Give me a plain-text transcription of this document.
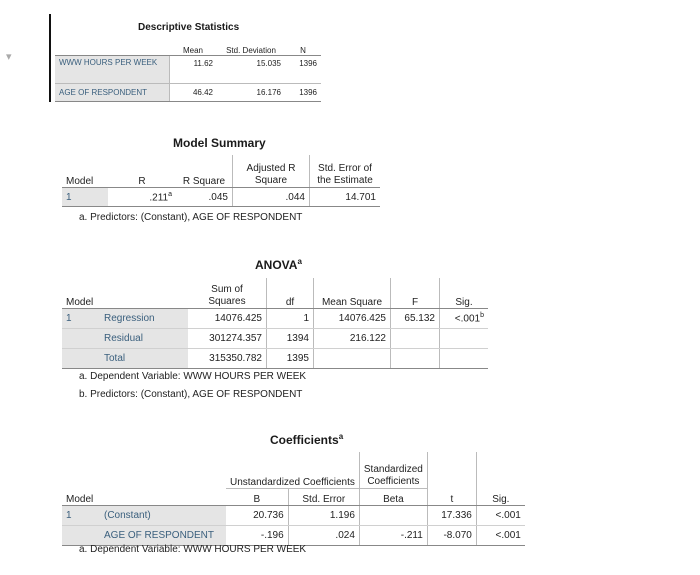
▾
Descriptive Statistics
	Mean	Std. Deviation	N
WWW HOURS PER WEEK	11.62	15.035	1396
AGE OF RESPONDENT	46.42	16.176	1396
Model Summary
Model	R	R Square	Adjusted R Square	Std. Error of the Estimate
1	.211$^a$	.045	.044	14.701
a. Predictors: (Constant), AGE OF RESPONDENT
ANOVA$^a$
Model		Sum of Squares	df	Mean Square	F	Sig.
1	Regression	14076.425	1	14076.425	65.132	<.001$^b$
	Residual	301274.357	1394	216.122		
	Total	315350.782	1395			
a. Dependent Variable: WWW HOURS PER WEEK
b. Predictors: (Constant), AGE OF RESPONDENT
Coefficients$^a$
		Unstandardized Coefficients		Standardized Coefficients		
Model		B	Std. Error	Beta	t	Sig.
1	(Constant)	20.736	1.196		17.336	<.001
	AGE OF RESPONDENT	-.196	.024	-.211	-8.070	<.001
a. Dependent Variable: WWW HOURS PER WEEK
